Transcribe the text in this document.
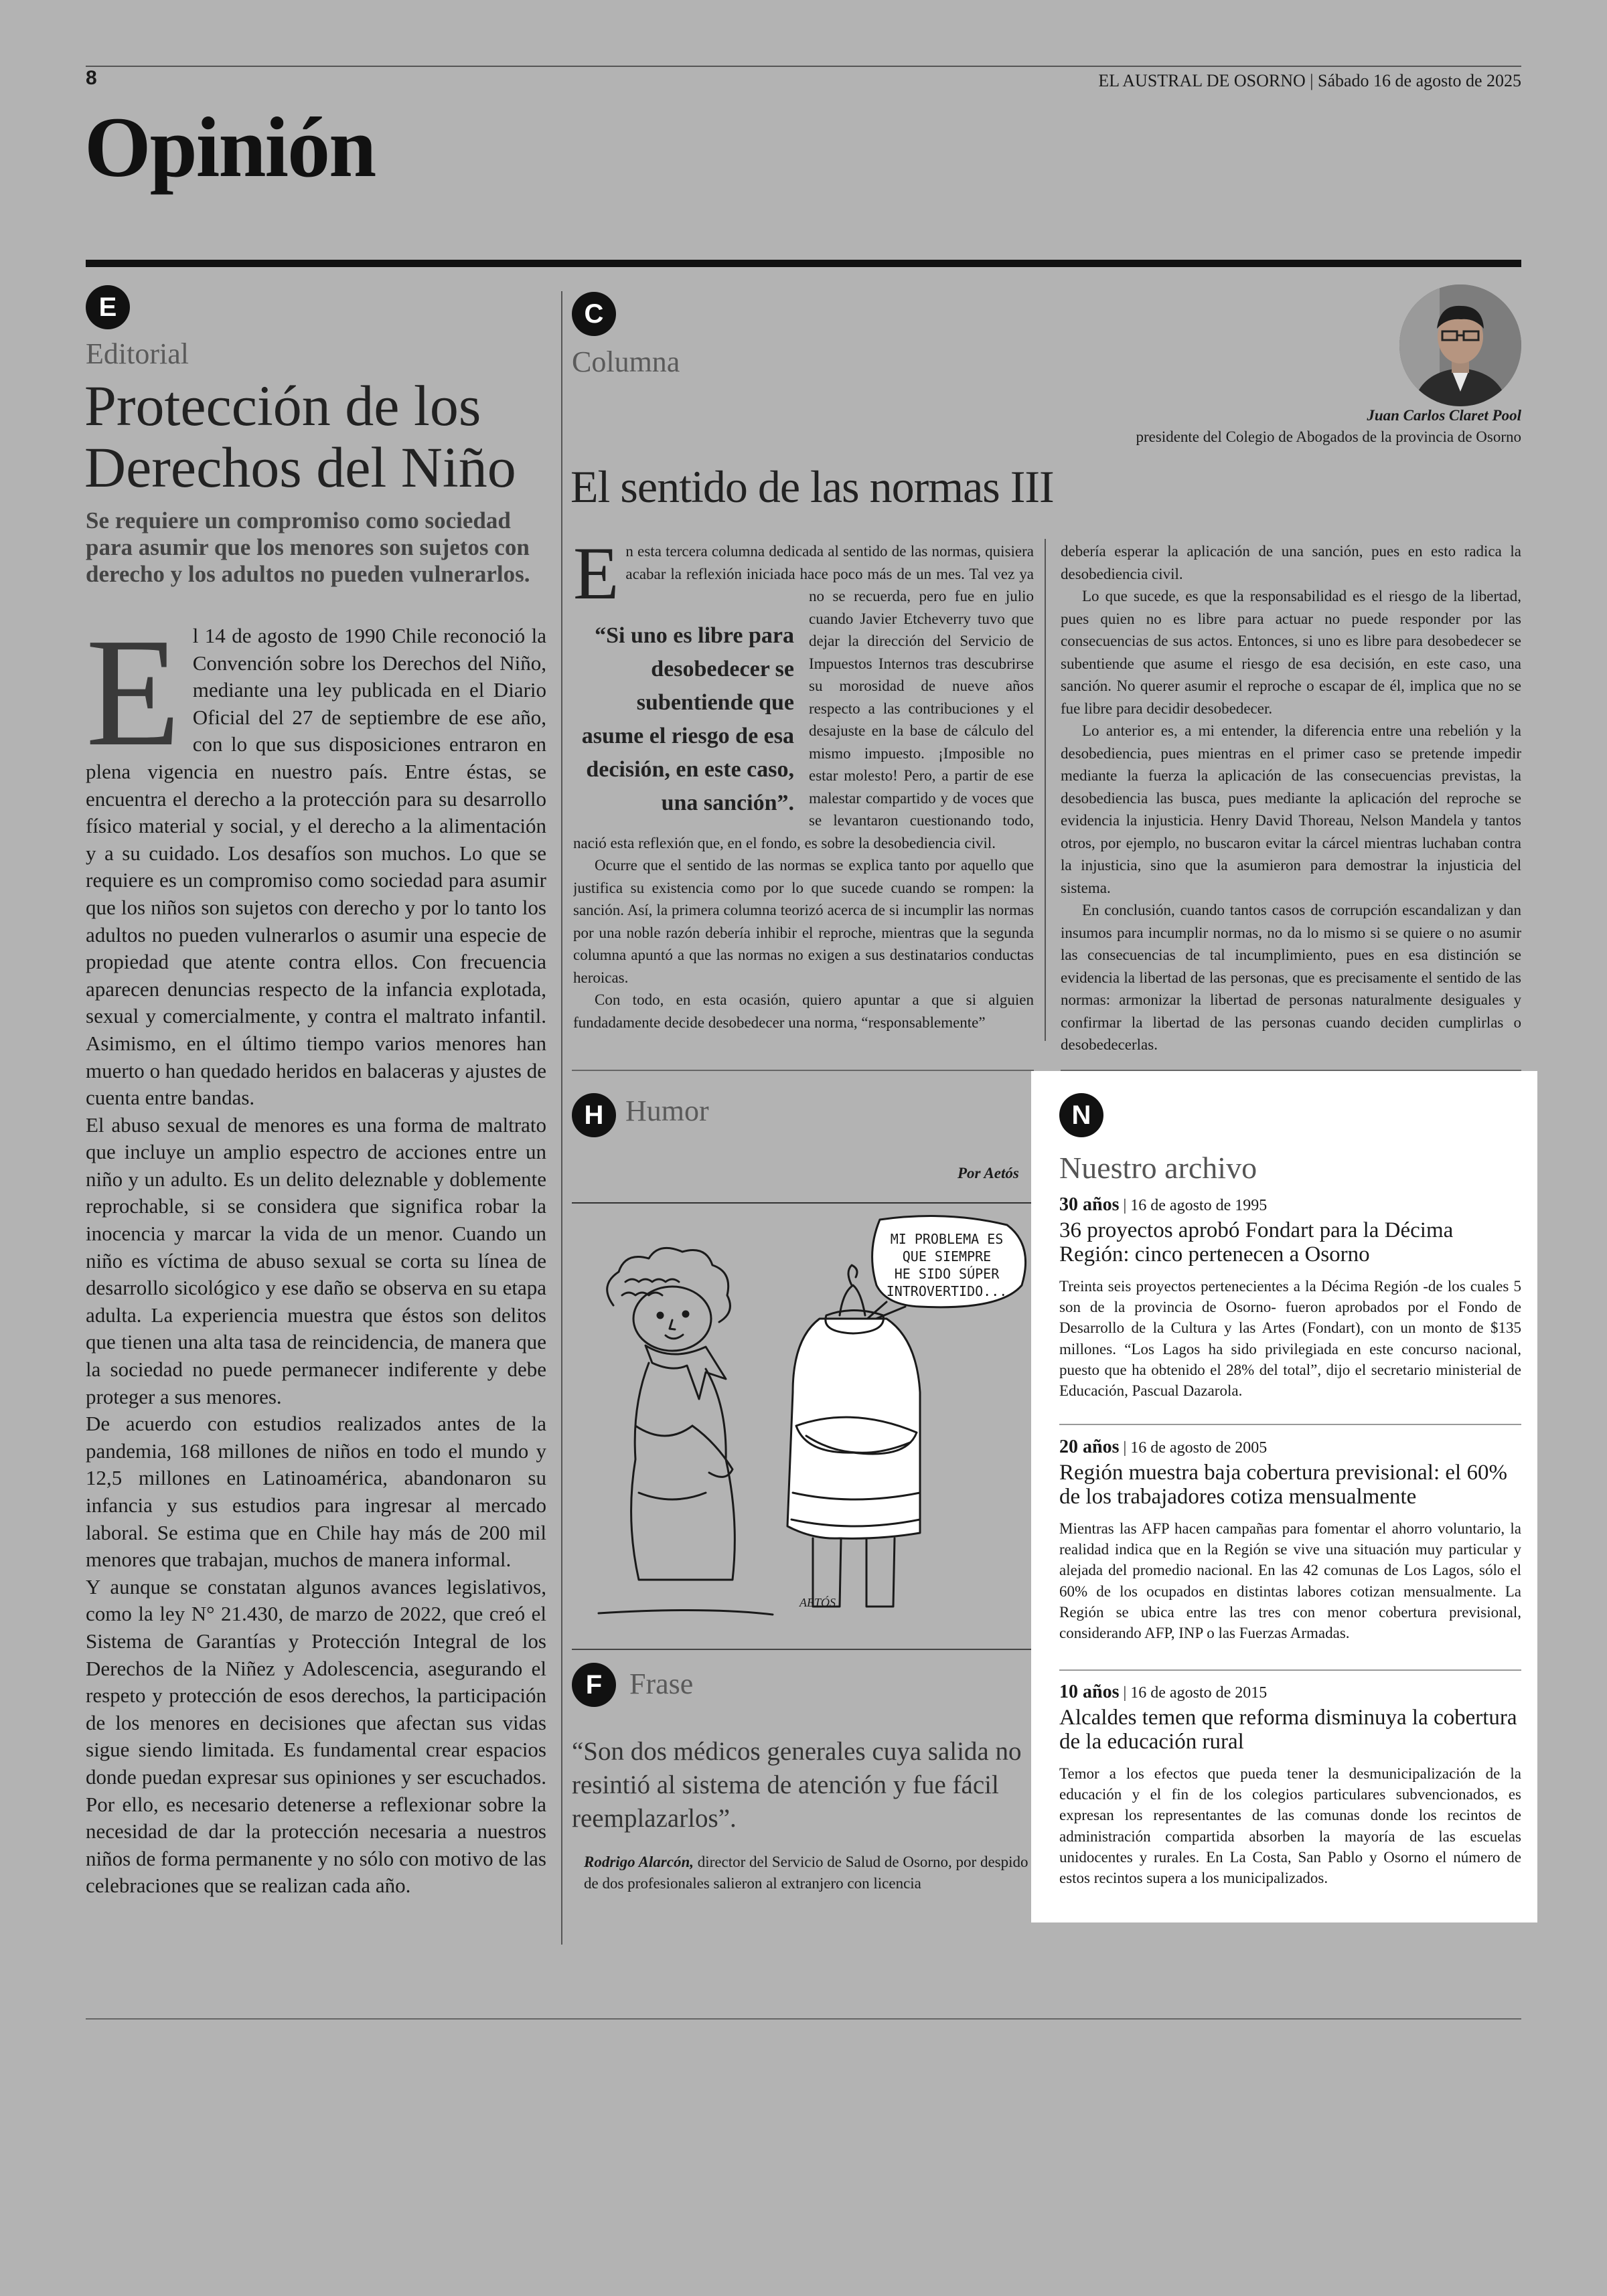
8	EL AUSTRAL DE OSORNO | Sábado 16 de agosto de 2025
Opinión
E
Editorial
Protección de los
Derechos del Niño
Se requiere un compromiso como sociedad
para asumir que los menores son sujetos con
derecho y los adultos no pueden vulnerarlos.
E l 14 de agosto de 1990 Chile reconoció la Convención sobre los Derechos del Niño, mediante una ley publicada en el Diario Oficial del 27 de septiembre de ese año, con lo que sus disposiciones entraron en plena vigencia en nuestro país. Entre éstas, se encuentra el derecho a la protección para su desarrollo físico material y social, y el derecho a la alimentación y a su cuidado. Los desafíos son muchos. Lo que se requiere es un compromiso como sociedad para asumir que los niños son sujetos con derecho y por lo tanto los adultos no pueden vulnerarlos o asumir una especie de propiedad que atente contra ellos. Con frecuencia aparecen denuncias respecto de la infancia explotada, sexual y comercialmente, y contra el maltrato infantil. Asimismo, en el último tiempo varios menores han muerto o han quedado heridos en balaceras y ajustes de cuenta entre bandas.

El abuso sexual de menores es una forma de maltrato que incluye un amplio espectro de acciones entre un niño y un adulto. Es un delito deleznable y doblemente reprochable, si se considera que significa robar la inocencia y marcar la vida de un menor. Cuando un niño es víctima de abuso sexual se corta su línea de desarrollo sicológico y ese daño se observa en su etapa adulta. La experiencia muestra que éstos son delitos que tienen una alta tasa de reincidencia, de manera que la sociedad no puede permanecer indiferente y debe proteger a sus menores.

De acuerdo con estudios realizados antes de la pandemia, 168 millones de niños en todo el mundo y 12,5 millones en Latinoamérica, abandonaron su infancia y sus estudios para ingresar al mercado laboral. Se estima que en Chile hay más de 200 mil menores que trabajan, muchos de manera informal.

Y aunque se constatan algunos avances legislativos, como la ley N° 21.430, de marzo de 2022, que creó el Sistema de Garantías y Protección Integral de los Derechos de la Niñez y Adolescencia, asegurando el respeto y protección de esos derechos, la participación de los menores en decisiones que afectan sus vidas sigue siendo limitada. Es fundamental crear espacios donde puedan expresar sus opiniones y ser escuchados. Por ello, es necesario detenerse a reflexionar sobre la necesidad de dar la protección necesaria a nuestros niños de forma permanente y no sólo con motivo de las celebraciones que se realizan cada año.

C
Columna
Juan Carlos Claret Pool
presidente del Colegio de Abogados de la provincia de Osorno
El sentido de las normas III
E
“Si uno es libre para desobedecer se subentiende que asume el riesgo de esa decisión, en este caso, una sanción”.

n esta tercera columna dedicada al sentido de las normas, quisiera acabar la reflexión iniciada hace poco más de un mes. Tal vez ya no se recuerda, pero fue en julio cuando Javier Etcheverry tuvo que dejar la dirección del Servicio de Impuestos Internos tras descubrirse su morosidad de nueve años respecto a las contribuciones y el desajuste en la base de cálculo del mismo impuesto. ¡Imposible no estar molesto! Pero, a partir de ese malestar compartido y de voces que se levantaron cuestionando todo, nació esta reflexión que, en el fondo, es sobre la desobediencia civil.

Ocurre que el sentido de las normas se explica tanto por aquello que justifica su existencia como por lo que sucede cuando se rompen: la sanción. Así, la primera columna teorizó acerca de si incumplir las normas por una noble razón debería inhibir el reproche, mientras que la segunda columna apuntó a que las normas no exigen a sus destinatarios conductas heroicas.

Con todo, en esta ocasión, quiero apuntar a que si alguien fundadamente decide desobedecer una norma, “responsablemente”

debería esperar la aplicación de una sanción, pues en esto radica la desobediencia civil.

Lo que sucede, es que la responsabilidad es el riesgo de la libertad, pues quien no es libre para actuar no puede responder por las consecuencias de sus actos. Entonces, si uno es libre para desobedecer se subentiende que asume el riesgo de esa decisión, en este caso, una sanción. No querer asumir el reproche o escapar de él, implica que no se fue libre para decidir desobedecer.

Lo anterior es, a mi entender, la diferencia entre una rebelión y la desobediencia, pues mientras en el primer caso se pretende impedir mediante la fuerza la aplicación de las consecuencias previstas, la desobediencia las busca, pues mediante la aplicación del reproche se evidencia la injusticia. Henry David Thoreau, Nelson Mandela y tantos otros, por ejemplo, no buscaron evitar la cárcel mientras luchaban contra la injusticia, sino que la asumieron para demostrar la injusticia del sistema.

En conclusión, cuando tantos casos de corrupción escandalizan y dan insumos para incumplir normas, no da lo mismo si se quiere o no asumir las consecuencias de tal incumplimiento, pues en esa distinción se evidencia la libertad de las personas, que es precisamente el sentido de las normas: armonizar la libertad de personas naturalmente desiguales y confirmar la libertad de las personas cuando deciden cumplirlas o desobedecerlas.

H Humor
Por Aetós
MI PROBLEMA ES
QUE SIEMPRE
HE SIDO SÚPER
INTROVERTIDO...
AETÓS
F Frase
“Son dos médicos generales cuya salida no resintió al sistema de atención y fue fácil reemplazarlos”.
Rodrigo Alarcón, director del Servicio de Salud de Osorno, por despido de dos profesionales salieron al extranjero con licencia
N
Nuestro archivo
30 años | 16 de agosto de 1995
36 proyectos aprobó Fondart para la Décima Región: cinco pertenecen a Osorno
Treinta seis proyectos pertenecientes a la Décima Región -de los cuales 5 son de la provincia de Osorno- fueron aprobados por el Fondo de Desarrollo de la Cultura y las Artes (Fondart), con un monto de $135 millones. “Los Lagos ha sido privilegiada en este concurso nacional, puesto que ha obtenido el 28% del total”, dijo el secretario ministerial de Educación, Pascual Dazarola.
20 años | 16 de agosto de 2005
Región muestra baja cobertura previsional: el 60% de los trabajadores cotiza mensualmente
Mientras las AFP hacen campañas para fomentar el ahorro voluntario, la realidad indica que en la Región se vive una situación muy particular y alejada del promedio nacional. En las 42 comunas de Los Lagos, sólo el 60% de los ocupados en distintas labores cotizan mensualmente. La Región se ubica entre las tres con menor cobertura previsional, considerando AFP, INP o las Fuerzas Armadas.
10 años | 16 de agosto de 2015
Alcaldes temen que reforma disminuya la cobertura de la educación rural
Temor a los efectos que pueda tener la desmunicipalización de la educación y el fin de los colegios particulares subvencionados, es expresan los representantes de las comunas donde los recintos de administración compartida absorben la mayoría de las escuelas unidocentes y rurales. En La Costa, San Pablo y Osorno el número de estos recintos supera a los municipalizados.
